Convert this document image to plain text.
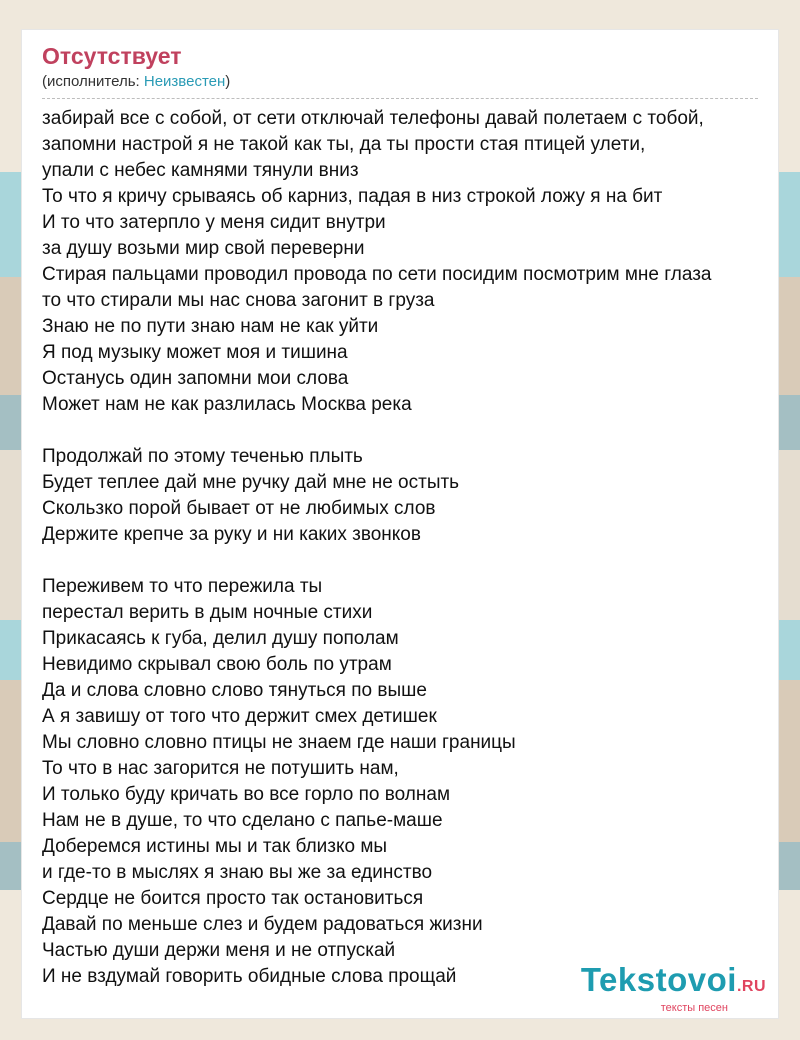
Отсутствует
(исполнитель: Неизвестен)
забирай все с собой, от сети отключай телефоны давай полетаем с тобой,
запомни настрой я не такой как ты, да ты прости стая птицей улети,
упали с небес камнями тянули вниз
То что я кричу срываясь об карниз, падая в низ строкой ложу я на бит
И то что затерпло у меня сидит внутри
за душу возьми мир свой переверни
Стирая пальцами проводил провода по сети посидим посмотрим мне глаза
то что стирали мы нас снова загонит в груза
Знаю не по пути знаю нам не как уйти
Я под музыку может моя и тишина
Останусь один запомни мои слова
Может нам не как разлилась Москва река
Продолжай по этому теченью плыть
Будет теплее дай мне ручку дай мне не остыть
Скользко порой бывает от не любимых слов
Держите крепче за руку и ни каких звонков
Переживем то что пережила ты
перестал верить в дым ночные стихи
Прикасаясь к губа, делил душу пополам
Невидимо скрывал свою боль по утрам
Да и слова словно слово тянуться по выше
А я завишу от того что держит смех детишек
Мы словно словно птицы не знаем где наши границы
То что в нас загорится не потушить нам,
И только буду кричать во все горло по волнам
Нам не в душе, то что сделано с папье-маше
Доберемся истины мы и так близко мы
и где-то в мыслях я знаю вы же за единство
Сердце не боится просто так остановиться
Давай по меньше слез и будем радоваться жизни
Частью души держи меня и не отпускай
И не вздумай говорить обидные слова прощай	Tekstovoi.RU
тексты песен
